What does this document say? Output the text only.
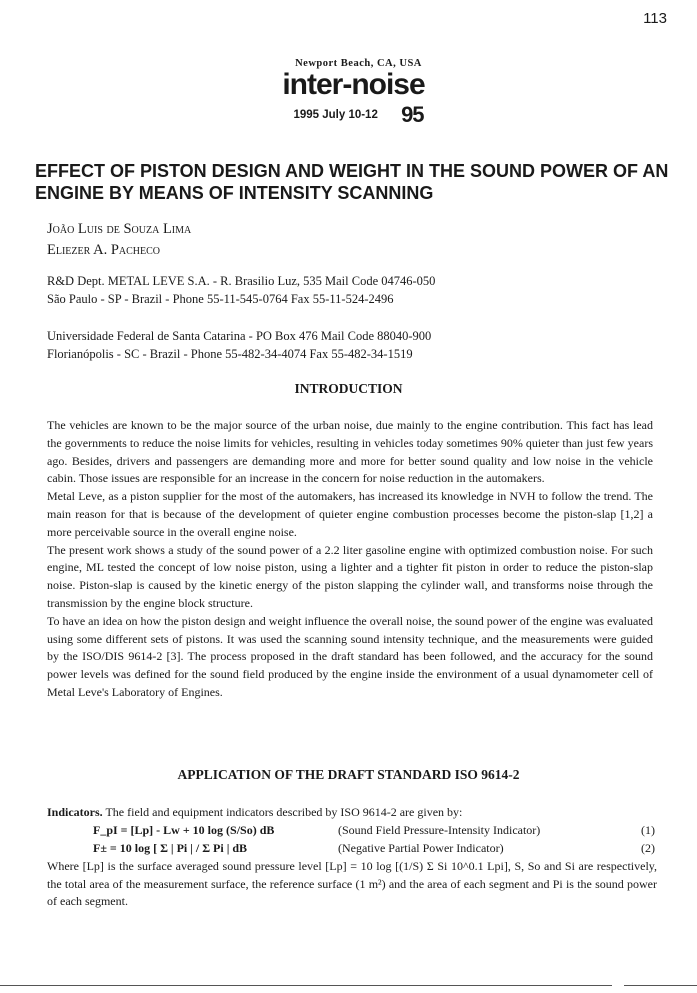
113
Newport Beach, CA, USA
inter-noise
1995 July 10-12 95
EFFECT OF PISTON DESIGN AND WEIGHT IN THE SOUND POWER OF AN ENGINE BY MEANS OF INTENSITY SCANNING
João Luis de Souza Lima
Eliezer A. Pacheco
R&D Dept. METAL LEVE S.A. - R. Brasilio Luz, 535 Mail Code 04746-050
São Paulo - SP - Brazil - Phone 55-11-545-0764 Fax 55-11-524-2496
Universidade Federal de Santa Catarina - PO Box 476 Mail Code 88040-900
Florianópolis - SC - Brazil - Phone 55-482-34-4074 Fax 55-482-34-1519
INTRODUCTION

The vehicles are known to be the major source of the urban noise, due mainly to the engine contribution. This fact has lead the governments to reduce the noise limits for vehicles, resulting in vehicles today sometimes 90% quieter than just few years ago. Besides, drivers and passengers are demanding more and more for better sound quality and low noise in the vehicle cabin. Those issues are responsible for an increase in the concern for noise reduction in the automakers.

Metal Leve, as a piston supplier for the most of the automakers, has increased its knowledge in NVH to follow the trend. The main reason for that is because of the development of quieter engine combustion processes become the piston-slap [1,2] a more perceivable source in the overall engine noise.

The present work shows a study of the sound power of a 2.2 liter gasoline engine with optimized combustion noise. For such engine, ML tested the concept of low noise piston, using a lighter and a tighter fit piston in order to reduce the piston-slap noise. Piston-slap is caused by the kinetic energy of the piston slapping the cylinder wall, and transforms noise through the transmission by the engine block structure.

To have an idea on how the piston design and weight influence the overall noise, the sound power of the engine was evaluated using some different sets of pistons. It was used the scanning sound intensity technique, and the measurements were guided by the ISO/DIS 9614-2 [3]. The process proposed in the draft standard has been followed, and the accuracy for the sound power levels was defined for the sound field produced by the engine inside the environment of a usual dynamometer cell of Metal Leve's Laboratory of Engines.

APPLICATION OF THE DRAFT STANDARD ISO 9614-2

Indicators. The field and equipment indicators described by ISO 9614-2 are given by:

F_pI = [Lp] - Lw + 10 log (S/So) dB	(Sound Field Pressure-Intensity Indicator)	(1)
F± = 10 log [ Σ | Pi | / Σ Pi | dB	(Negative Partial Power Indicator)	(2)

Where [Lp] is the surface averaged sound pressure level [Lp] = 10 log [(1/S) Σ Si 10^0.1 Lpi], S, So and Si are respectively, the total area of the measurement surface, the reference surface (1 m²) and the area of each segment and Pi is the sound power of each segment.
